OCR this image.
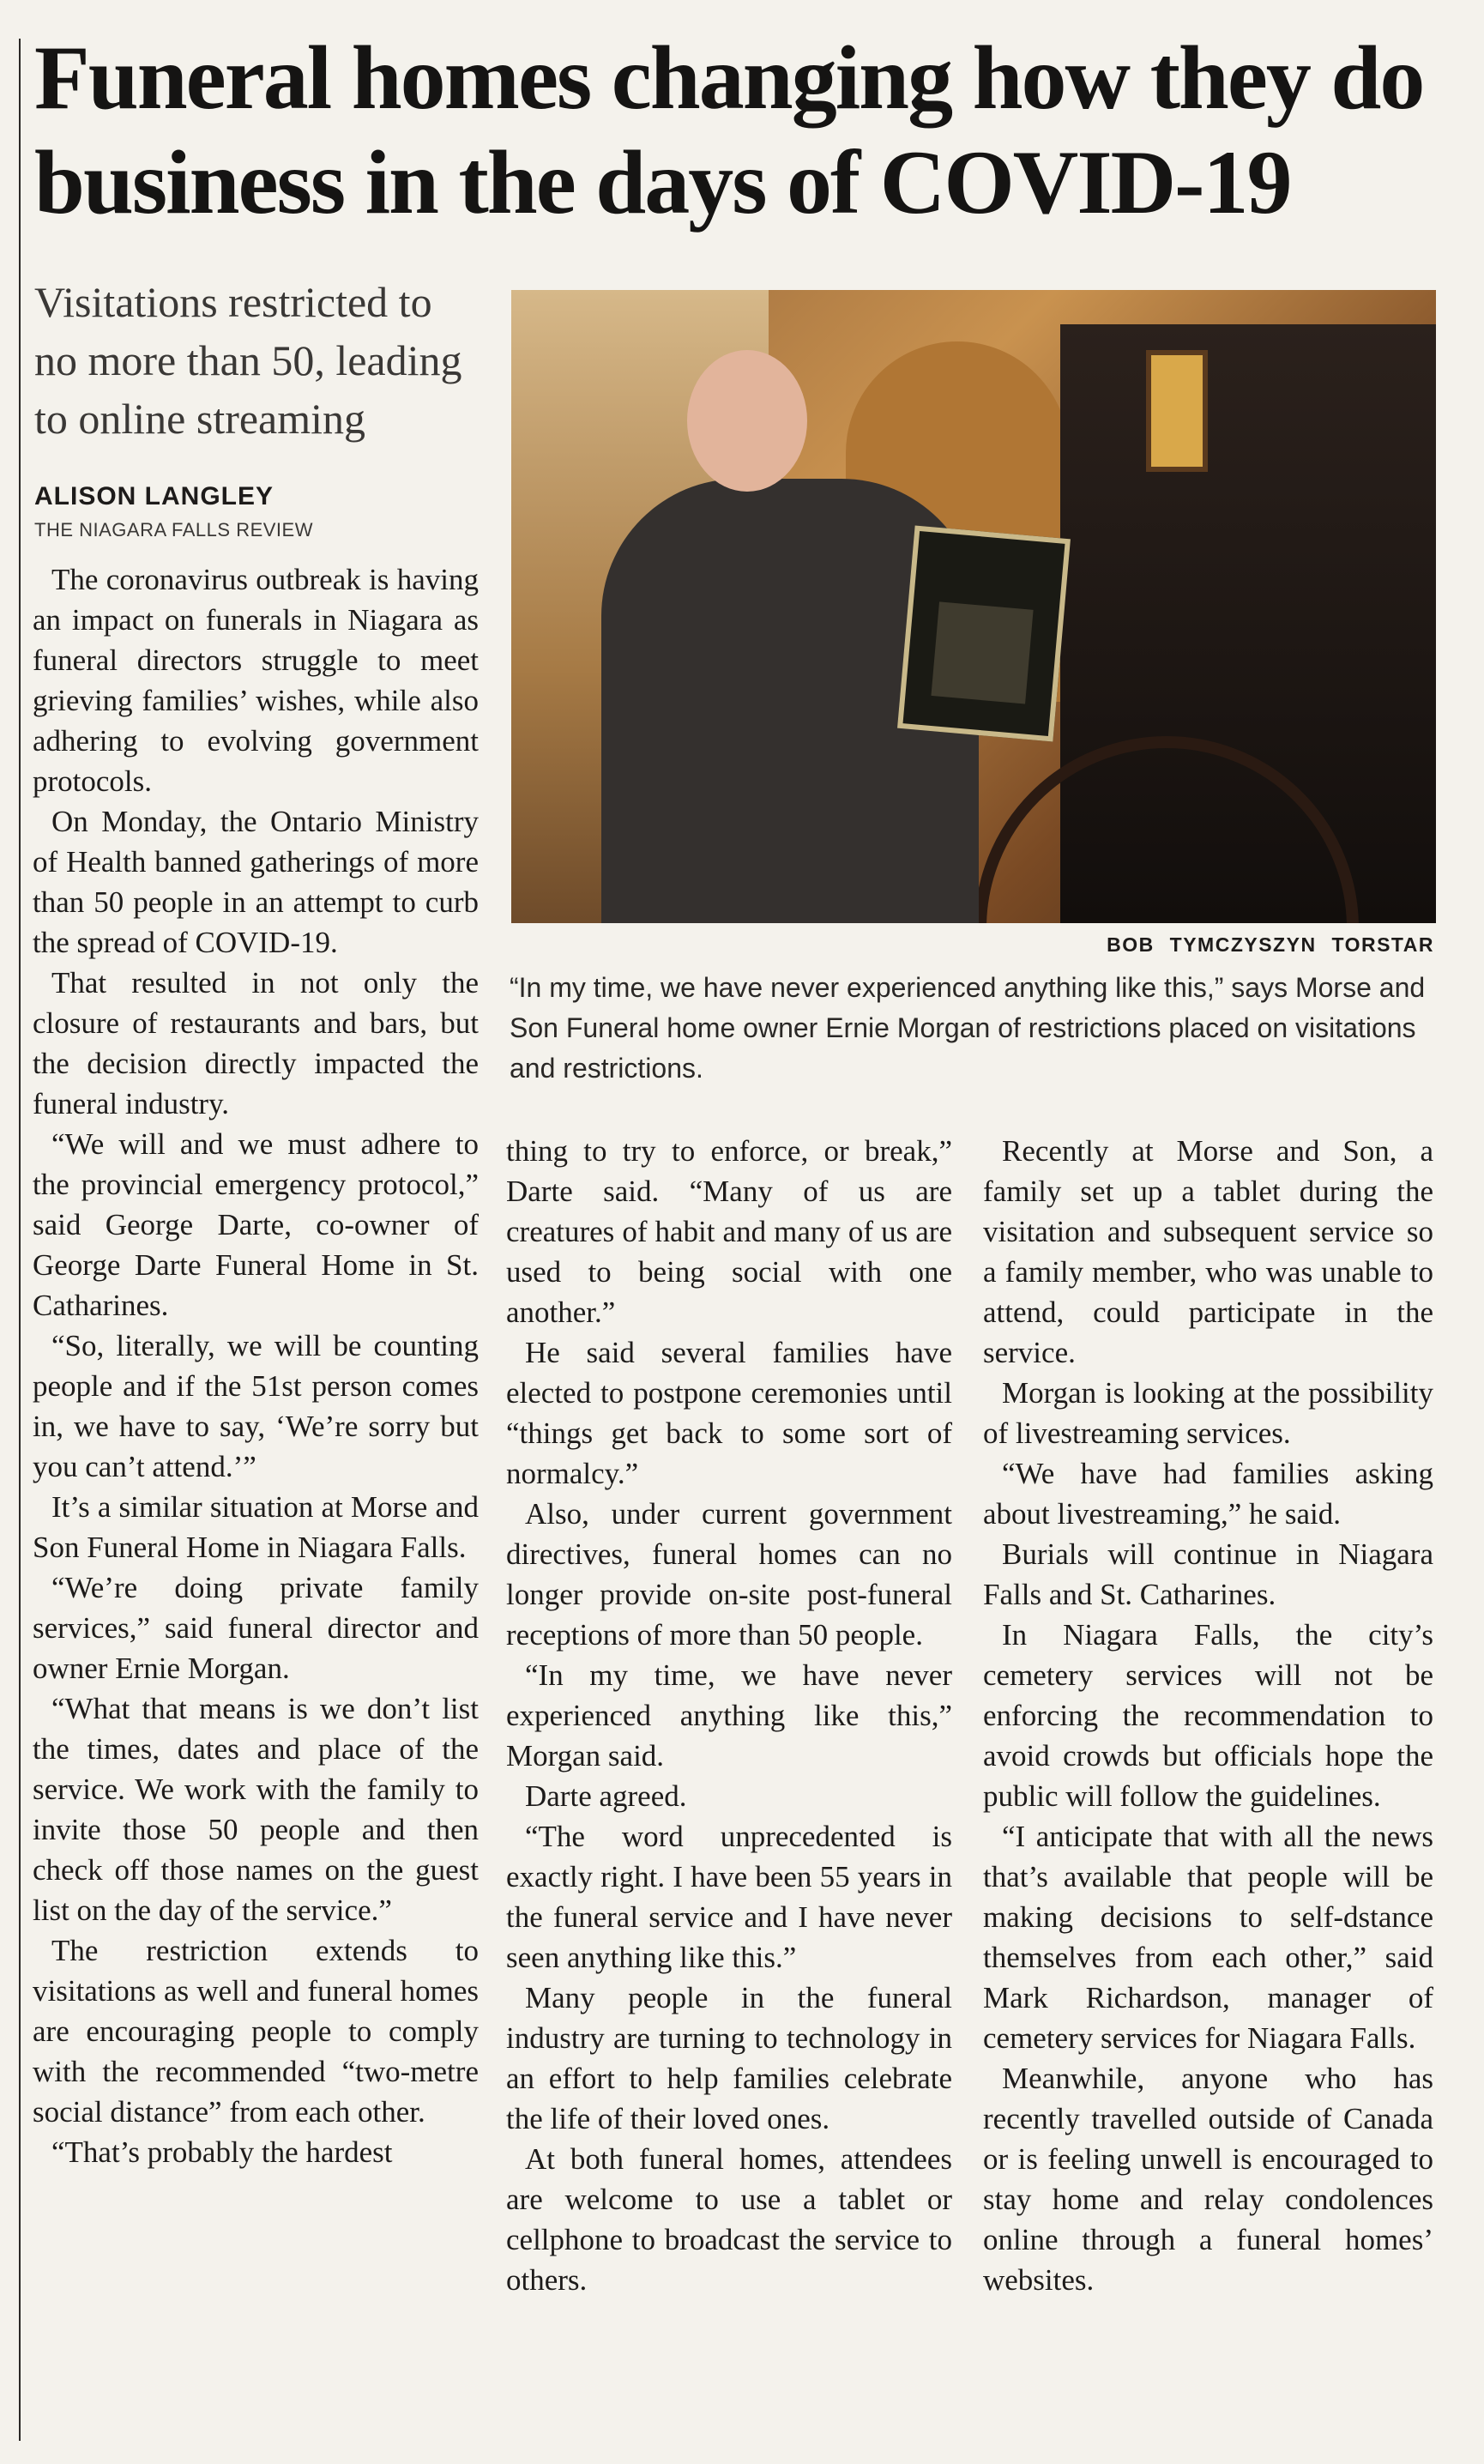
Funeral homes changing how they do business in the days of COVID-19
Visitations restricted to no more than 50, leading to online streaming
ALISON LANGLEY
THE NIAGARA FALLS REVIEW
BOB TYMCZYSZYN TORSTAR
“In my time, we have never experienced anything like this,” says Morse and Son Funeral home owner Ernie Morgan of restrictions placed on visitations and restrictions.

The coronavirus outbreak is having an impact on funerals in Niagara as funeral directors struggle to meet grieving families’ wishes, while also adhering to evolving government protocols.

On Monday, the Ontario Ministry of Health banned gatherings of more than 50 people in an attempt to curb the spread of COVID-19.

That resulted in not only the closure of restaurants and bars, but the decision directly impacted the funeral industry.

“We will and we must adhere to the provincial emergency protocol,” said George Darte, co-owner of George Darte Funeral Home in St. Catharines.

“So, literally, we will be counting people and if the 51st person comes in, we have to say, ‘We’re sorry but you can’t attend.’”

It’s a similar situation at Morse and Son Funeral Home in Niagara Falls.

“We’re doing private family services,” said funeral director and owner Ernie Morgan.

“What that means is we don’t list the times, dates and place of the service. We work with the family to invite those 50 people and then check off those names on the guest list on the day of the service.”

The restriction extends to visitations as well and funeral homes are encouraging people to comply with the recommended “two-metre social distance” from each other.

“That’s probably the hardest

thing to try to enforce, or break,” Darte said. “Many of us are creatures of habit and many of us are used to being social with one another.”

He said several families have elected to postpone ceremonies until “things get back to some sort of normalcy.”

Also, under current government directives, funeral homes can no longer provide on-site post-funeral receptions of more than 50 people.

“In my time, we have never experienced anything like this,” Morgan said.

Darte agreed.

“The word unprecedented is exactly right. I have been 55 years in the funeral service and I have never seen anything like this.”

Many people in the funeral industry are turning to technology in an effort to help families celebrate the life of their loved ones.

At both funeral homes, attendees are welcome to use a tablet or cellphone to broadcast the service to others.

Recently at Morse and Son, a family set up a tablet during the visitation and subsequent service so a family member, who was unable to attend, could participate in the service.

Morgan is looking at the possibility of livestreaming services.

“We have had families asking about livestreaming,” he said.

Burials will continue in Niagara Falls and St. Catharines.

In Niagara Falls, the city’s cemetery services will not be enforcing the recommendation to avoid crowds but officials hope the public will follow the guidelines.

“I anticipate that with all the news that’s available that people will be making decisions to self-dstance themselves from each other,” said Mark Richardson, manager of cemetery services for Niagara Falls.

Meanwhile, anyone who has recently travelled outside of Canada or is feeling unwell is encouraged to stay home and relay condolences online through a funeral homes’ websites.
